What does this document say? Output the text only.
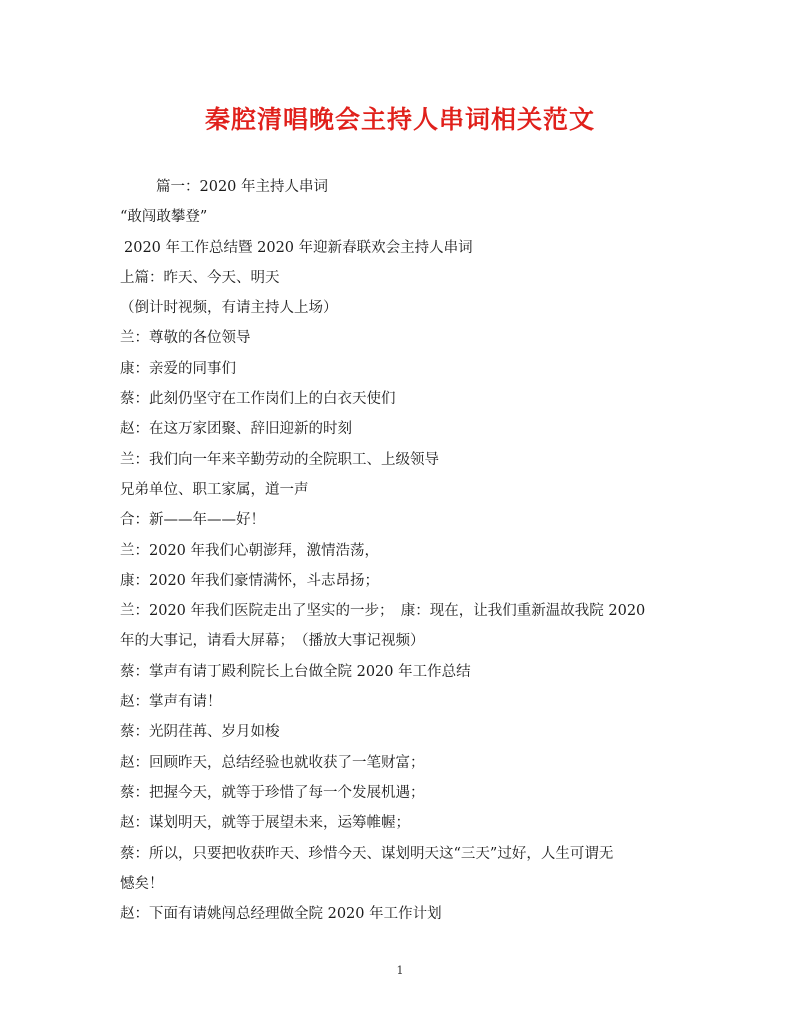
秦腔清唱晚会主持人串词相关范文
篇一：2020 年主持人串词
“敢闯敢攀登”
2020 年工作总结暨 2020 年迎新春联欢会主持人串词
上篇：昨天、今天、明天
（倒计时视频，有请主持人上场）
兰：尊敬的各位领导
康：亲爱的同事们
蔡：此刻仍坚守在工作岗们上的白衣天使们
赵：在这万家团聚、辞旧迎新的时刻
兰：我们向一年来辛勤劳动的全院职工、上级领导
兄弟单位、职工家属，道一声
合：新——年——好！
兰：2020 年我们心朝澎拜，激情浩荡，
康：2020 年我们豪情满怀，斗志昂扬；
兰：2020 年我们医院走出了坚实的一步；　康：现在，让我们重新温故我院 2020
年的大事记，请看大屏幕；　（播放大事记视频）
蔡：掌声有请丁殿利院长上台做全院 2020 年工作总结
赵：掌声有请！
蔡：光阴荏苒、岁月如梭
赵：回顾昨天，总结经验也就收获了一笔财富；
蔡：把握今天，就等于珍惜了每一个发展机遇；
赵：谋划明天，就等于展望未来，运筹帷幄；
蔡：所以，只要把收获昨天、珍惜今天、谋划明天这“三天”过好，人生可谓无
憾矣！
赵：下面有请姚闯总经理做全院 2020 年工作计划
1
